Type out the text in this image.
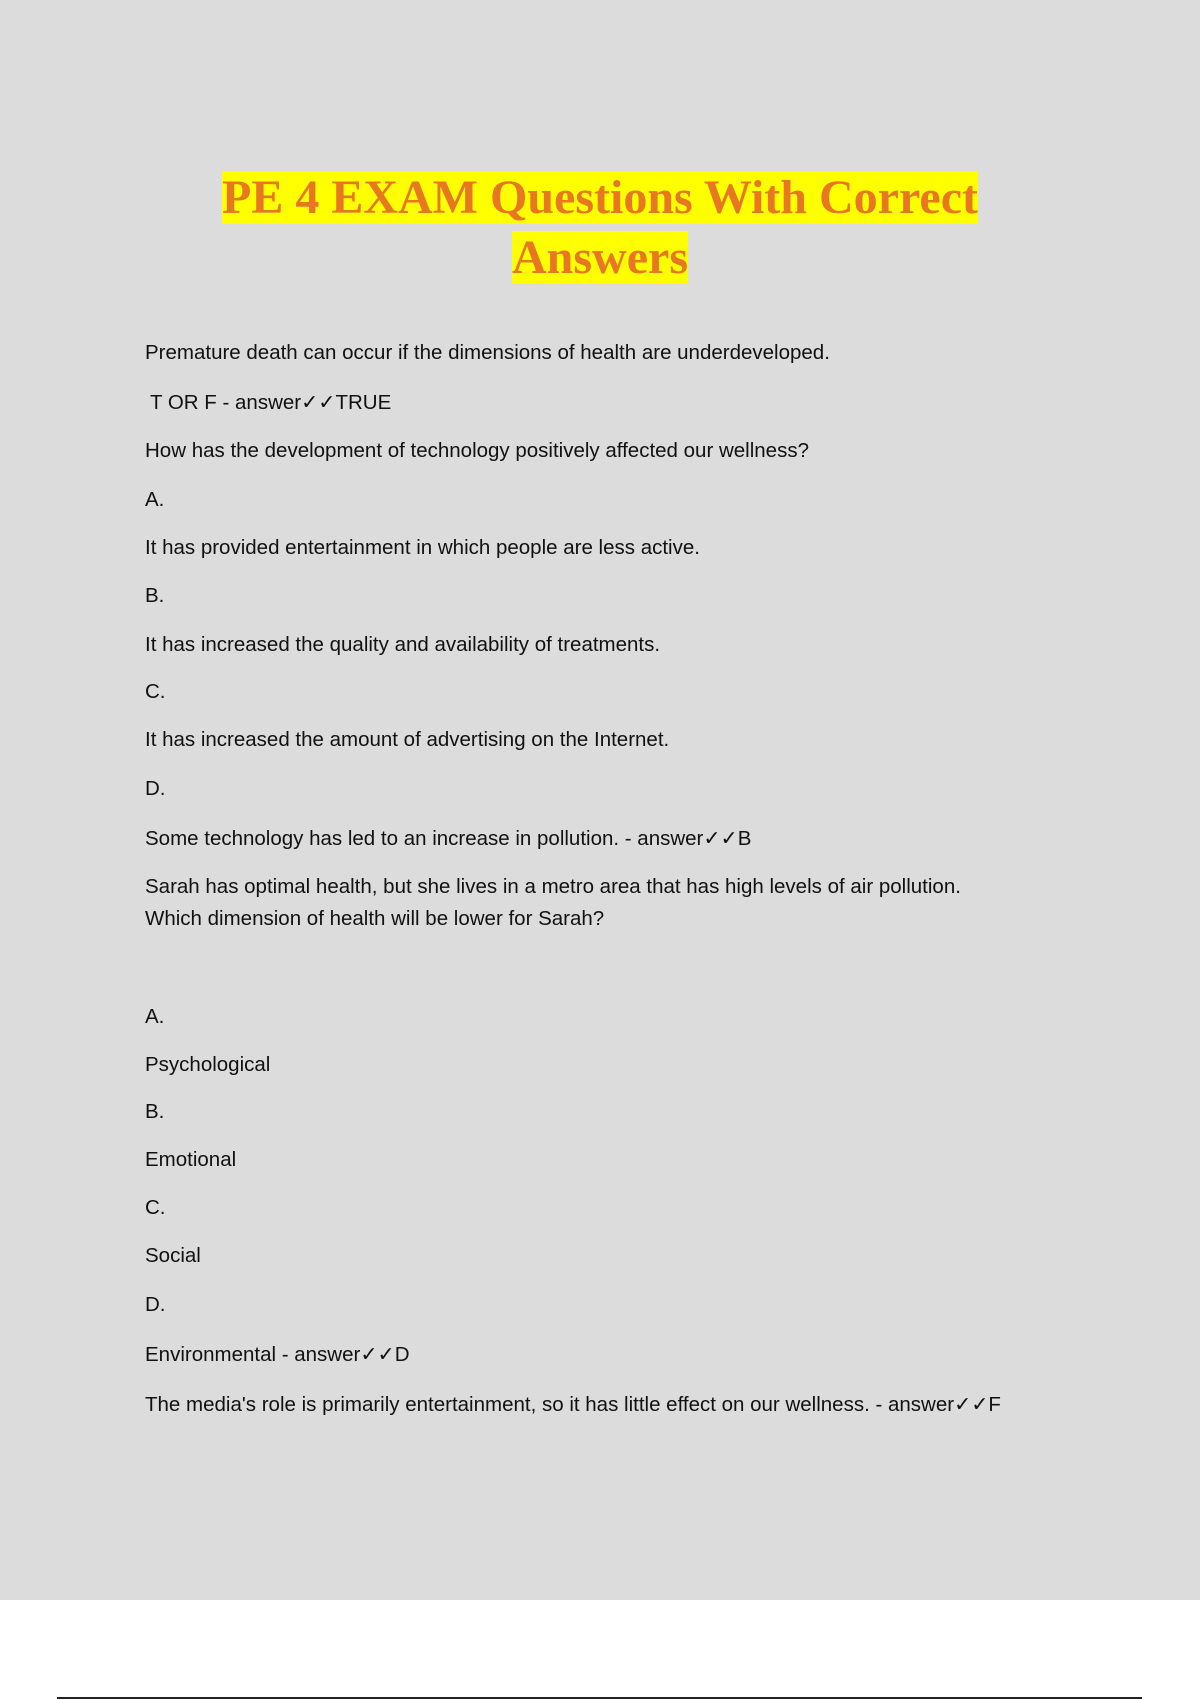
PE 4 EXAM Questions With Correct
Answers
Premature death can occur if the dimensions of health are underdeveloped.
T OR F - answer✓✓TRUE
How has the development of technology positively affected our wellness?
A.
It has provided entertainment in which people are less active.
B.
It has increased the quality and availability of treatments.
C.
It has increased the amount of advertising on the Internet.
D.
Some technology has led to an increase in pollution. - answer✓✓B
Sarah has optimal health, but she lives in a metro area that has high levels of air pollution.
Which dimension of health will be lower for Sarah?
A.
Psychological
B.
Emotional
C.
Social
D.
Environmental - answer✓✓D
The media's role is primarily entertainment, so it has little effect on our wellness. - answer✓✓F
